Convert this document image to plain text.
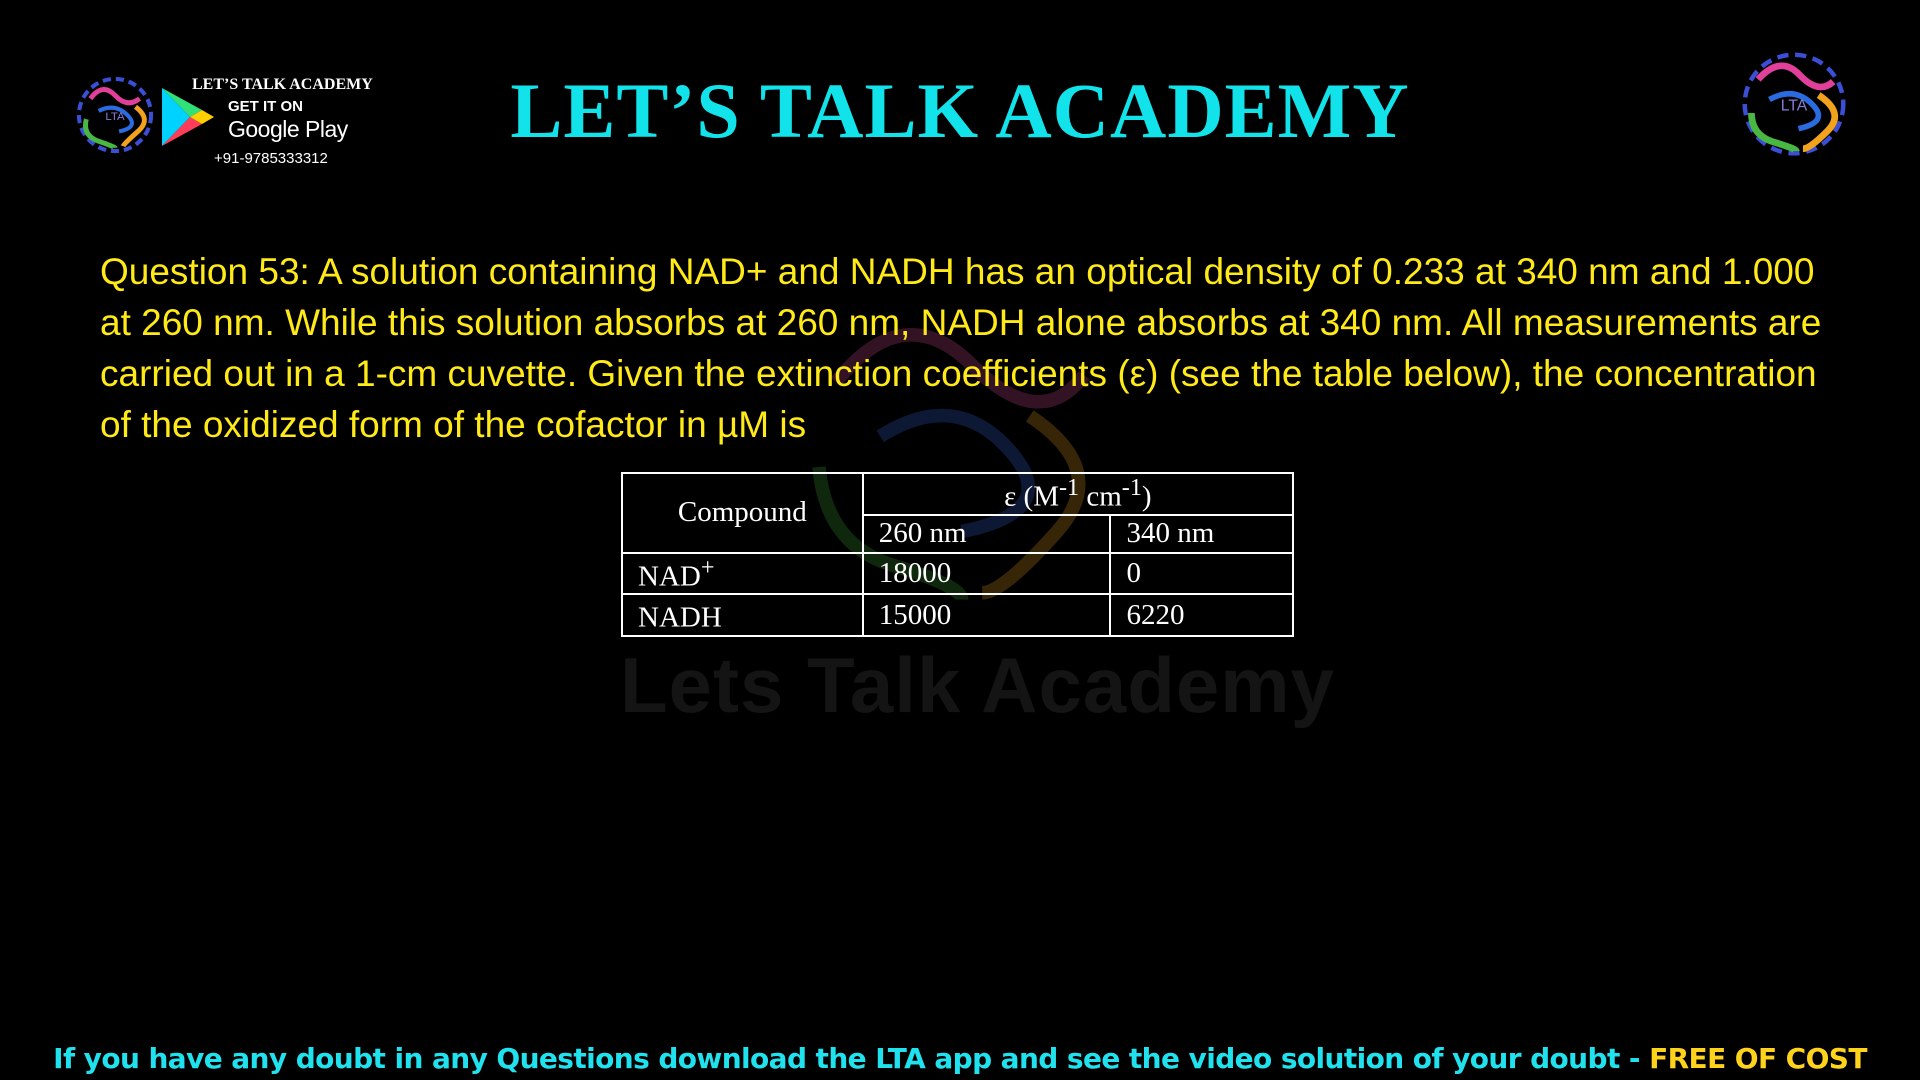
LTA
LET’S TALK ACADEMY
GET IT ON
Google Play
+91-9785333312
LET’S TALK ACADEMY	LTA
Lets Talk Academy
Question 53: A solution containing NAD+ and NADH has an optical density of 0.233 at 340 nm and 1.000 at 260 nm. While this solution absorbs at 260 nm, NADH alone absorbs at 340 nm. All measurements are carried out in a 1-cm cuvette. Given the extinction coefficients (ε) (see the table below), the concentration of the oxidized form of the cofactor in µM is
Compound	ε ($M^{-1}$ $cm^{-1}$)	
	260 nm	340 nm
NAD+	18000	0
NADH	15000	6220
If you have any doubt in any Questions download the LTA app and see the video solution of your doubt - FREE OF COST
